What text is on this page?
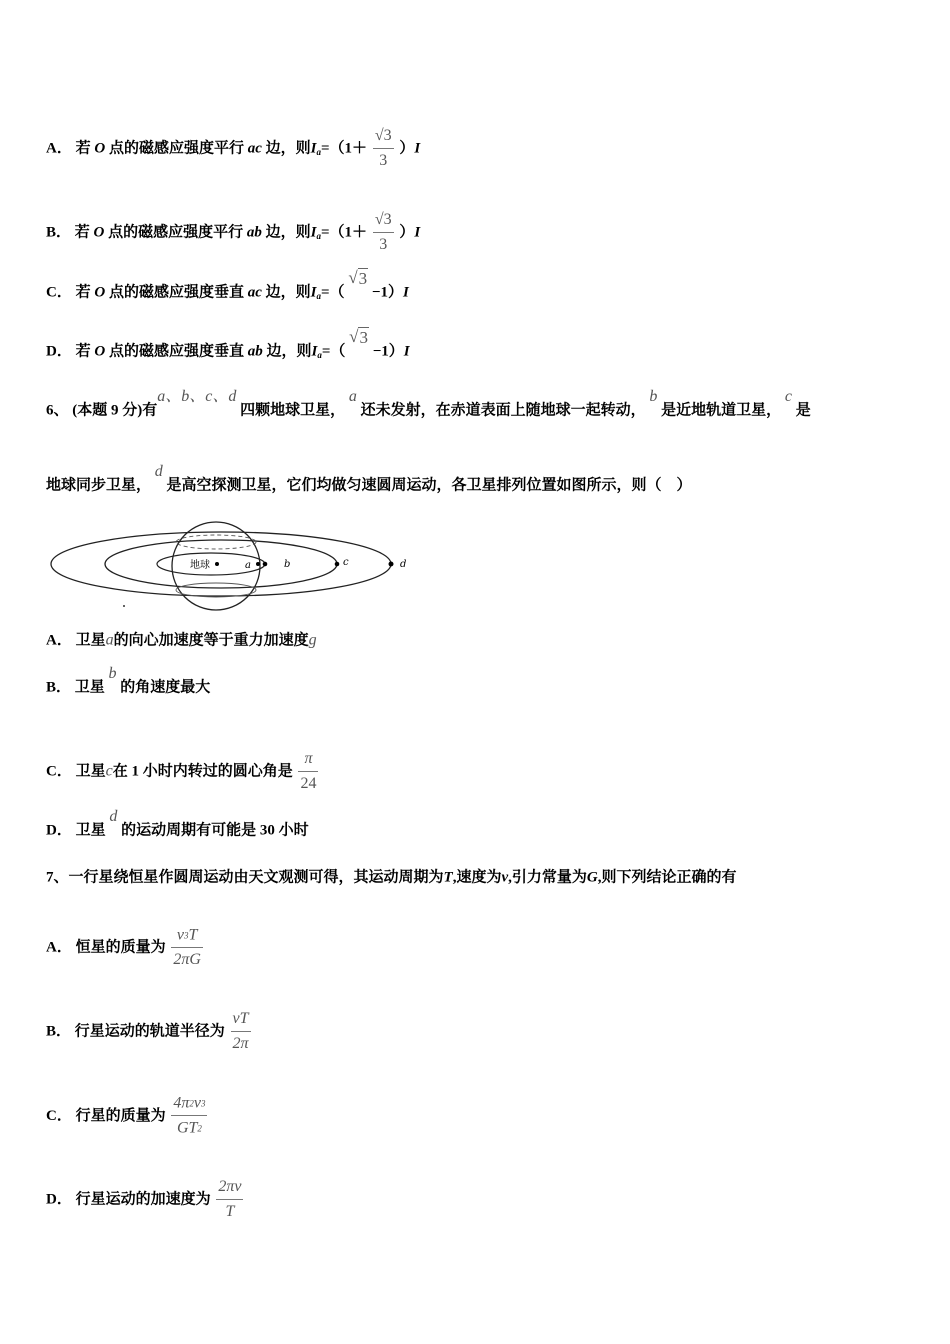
A． 若 O 点的磁感应强度平行 ac 边，则$I_a=(1+ \frac{√3}{3} )I$
B． 若 O 点的磁感应强度平行 ab 边，则$I_a=(1+ \frac{√3}{3} )I$
C． 若 O 点的磁感应强度垂直 ac 边，则$I_a=$（ √3 −1）I
D． 若 O 点的磁感应强度垂直 ab 边，则$I_a=$（ √3 −1）I
6、 (本题 9 分)有a、b、c、d 四颗地球卫星， a 还未发射，在赤道表面上随地球一起转动， b 是近地轨道卫星， c 是
地球同步卫星， d 是高空探测卫星，它们均做匀速圆周运动，各卫星排列位置如图所示，则（　）
地球	a	b	c	d
A． 卫星a的向心加速度等于重力加速度g
B． 卫星 b 的角速度最大
C． 卫星c在 1 小时内转过的圆心角是 $\frac{\pi}{24}$
D． 卫星 d 的运动周期有可能是 30 小时
7、一行星绕恒星作圆周运动由天文观测可得，其运动周期为T,速度为v,引力常量为G,则下列结论正确的有
A． 恒星的质量为 $\frac{v3T}{2\pi G}$
B． 行星运动的轨道半径为 $\frac{vT}{2\pi}$
C． 行星的质量为 $\frac{4\pi 2v3}{GT2}$
D． 行星运动的加速度为 $\frac{2\pi v}{T}$
